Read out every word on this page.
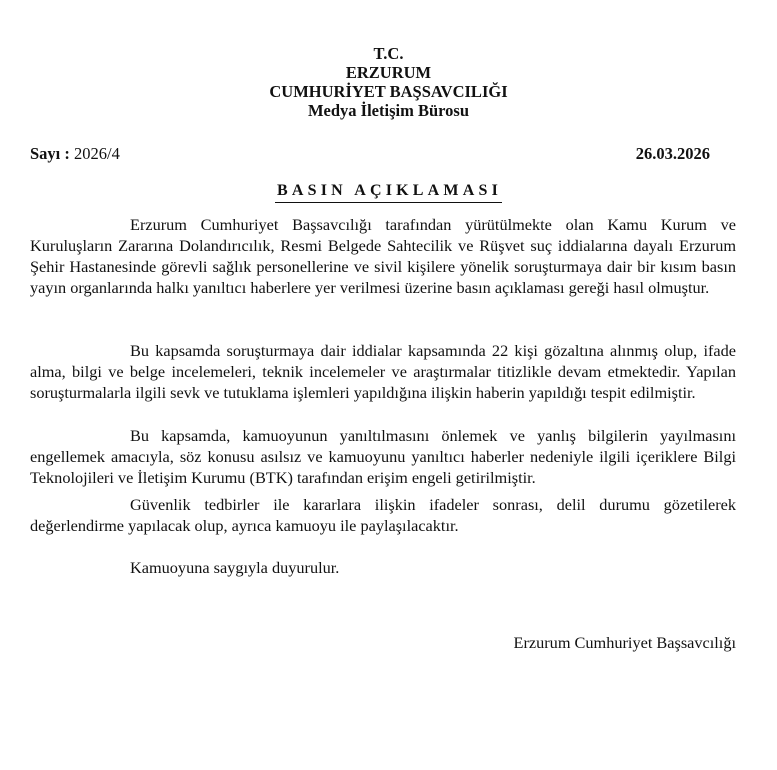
T.C.
ERZURUM
CUMHURİYET BAŞSAVCILIĞI
Medya İletişim Bürosu
Sayı : 2026/4	26.03.2026
BASIN AÇIKLAMASI
Erzurum Cumhuriyet Başsavcılığı tarafından yürütülmekte olan Kamu Kurum ve Kuruluşların Zararına Dolandırıcılık, Resmi Belgede Sahtecilik ve Rüşvet suç iddialarına dayalı Erzurum Şehir Hastanesinde görevli sağlık personellerine ve sivil kişilere yönelik soruşturmaya dair bir kısım basın yayın organlarında halkı yanıltıcı haberlere yer verilmesi üzerine basın açıklaması gereği hasıl olmuştur.
Bu kapsamda soruşturmaya dair iddialar kapsamında 22 kişi gözaltına alınmış olup, ifade alma, bilgi ve belge incelemeleri, teknik incelemeler ve araştırmalar titizlikle devam etmektedir. Yapılan soruşturmalarla ilgili sevk ve tutuklama işlemleri yapıldığına ilişkin haberin yapıldığı tespit edilmiştir.
Bu kapsamda, kamuoyunun yanıltılmasını önlemek ve yanlış bilgilerin yayılmasını engellemek amacıyla, söz konusu asılsız ve kamuoyunu yanıltıcı haberler nedeniyle ilgili içeriklere Bilgi Teknolojileri ve İletişim Kurumu (BTK) tarafından erişim engeli getirilmiştir.
Güvenlik tedbirler ile kararlara ilişkin ifadeler sonrası, delil durumu gözetilerek değerlendirme yapılacak olup, ayrıca kamuoyu ile paylaşılacaktır.
Kamuoyuna saygıyla duyurulur.
Erzurum Cumhuriyet Başsavcılığı
